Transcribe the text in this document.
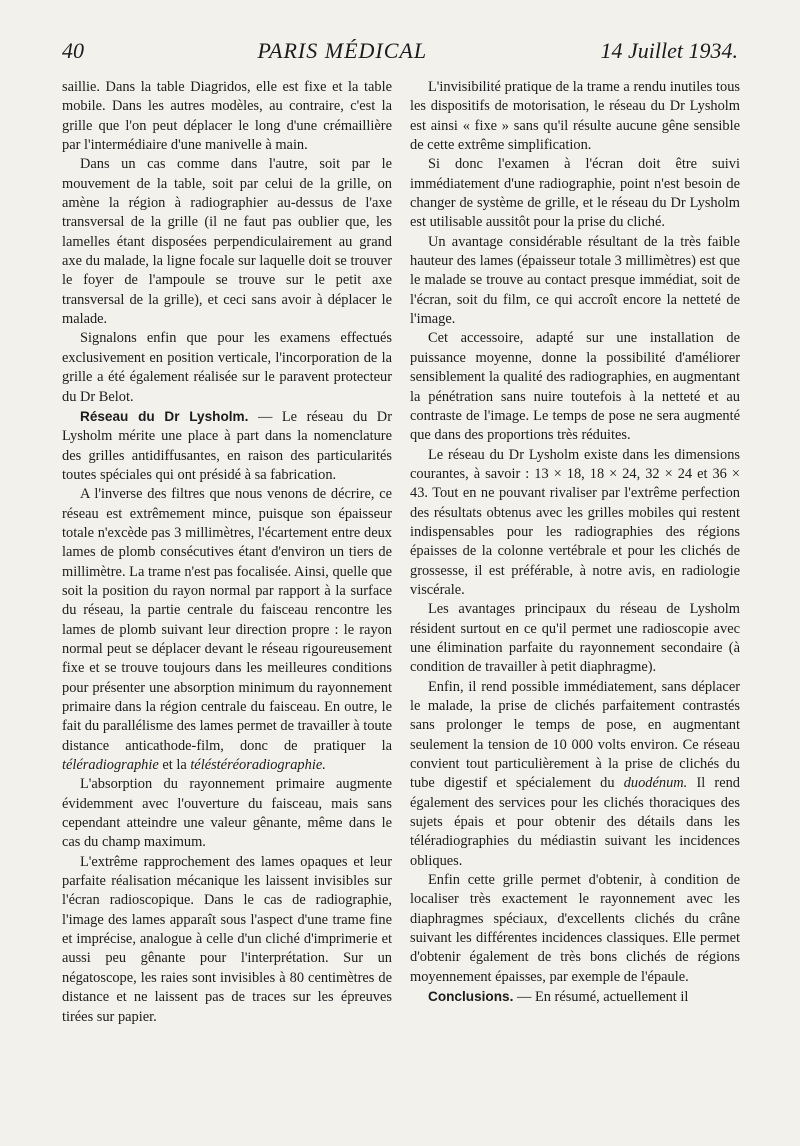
40	PARIS MÉDICAL	14 Juillet 1934.

saillie. Dans la table Diagridos, elle est fixe et la table mobile. Dans les autres modèles, au contraire, c'est la grille que l'on peut déplacer le long d'une crémaillière par l'intermédiaire d'une manivelle à main.

Dans un cas comme dans l'autre, soit par le mouvement de la table, soit par celui de la grille, on amène la région à radiographier au-dessus de l'axe transversal de la grille (il ne faut pas oublier que, les lamelles étant disposées perpendiculairement au grand axe du malade, la ligne focale sur laquelle doit se trouver le foyer de l'ampoule se trouve sur le petit axe transversal de la grille), et ceci sans avoir à déplacer le malade.

Signalons enfin que pour les examens effectués exclusivement en position verticale, l'incorporation de la grille a été également réalisée sur le paravent protecteur du Dr Belot.

Réseau du Dr Lysholm. — Le réseau du Dr Lysholm mérite une place à part dans la nomenclature des grilles antidiffusantes, en raison des particularités toutes spéciales qui ont présidé à sa fabrication.

A l'inverse des filtres que nous venons de décrire, ce réseau est extrêmement mince, puisque son épaisseur totale n'excède pas 3 millimètres, l'écartement entre deux lames de plomb consécutives étant d'environ un tiers de millimètre. La trame n'est pas focalisée. Ainsi, quelle que soit la position du rayon normal par rapport à la surface du réseau, la partie centrale du faisceau rencontre les lames de plomb suivant leur direction propre : le rayon normal peut se déplacer devant le réseau rigoureusement fixe et se trouve toujours dans les meilleures conditions pour présenter une absorption minimum du rayonnement primaire dans la région centrale du faisceau. En outre, le fait du parallélisme des lames permet de travailler à toute distance anticathode-film, donc de pratiquer la téléradiographie et la téléstéréoradiographie.

L'absorption du rayonnement primaire augmente évidemment avec l'ouverture du faisceau, mais sans cependant atteindre une valeur gênante, même dans le cas du champ maximum.

L'extrême rapprochement des lames opaques et leur parfaite réalisation mécanique les laissent invisibles sur l'écran radioscopique. Dans le cas de radiographie, l'image des lames apparaît sous l'aspect d'une trame fine et imprécise, analogue à celle d'un cliché d'imprimerie et aussi peu gênante pour l'interprétation. Sur un négatoscope, les raies sont invisibles à 80 centimètres de distance et ne laissent pas de traces sur les épreuves tirées sur papier.

L'invisibilité pratique de la trame a rendu inutiles tous les dispositifs de motorisation, le réseau du Dr Lysholm est ainsi « fixe » sans qu'il résulte aucune gêne sensible de cette extrême simplification.

Si donc l'examen à l'écran doit être suivi immédiatement d'une radiographie, point n'est besoin de changer de système de grille, et le réseau du Dr Lysholm est utilisable aussitôt pour la prise du cliché.

Un avantage considérable résultant de la très faible hauteur des lames (épaisseur totale 3 millimètres) est que le malade se trouve au contact presque immédiat, soit de l'écran, soit du film, ce qui accroît encore la netteté de l'image.

Cet accessoire, adapté sur une installation de puissance moyenne, donne la possibilité d'améliorer sensiblement la qualité des radiographies, en augmentant la pénétration sans nuire toutefois à la netteté et au contraste de l'image. Le temps de pose ne sera augmenté que dans des proportions très réduites.

Le réseau du Dr Lysholm existe dans les dimensions courantes, à savoir : 13 × 18, 18 × 24, 32 × 24 et 36 × 43. Tout en ne pouvant rivaliser par l'extrême perfection des résultats obtenus avec les grilles mobiles qui restent indispensables pour les radiographies des régions épaisses de la colonne vertébrale et pour les clichés de grossesse, il est préférable, à notre avis, en radiologie viscérale.

Les avantages principaux du réseau de Lysholm résident surtout en ce qu'il permet une radioscopie avec une élimination parfaite du rayonnement secondaire (à condition de travailler à petit diaphragme).

Enfin, il rend possible immédiatement, sans déplacer le malade, la prise de clichés parfaitement contrastés sans prolonger le temps de pose, en augmentant seulement la tension de 10 000 volts environ. Ce réseau convient tout particulièrement à la prise de clichés du tube digestif et spécialement du duodénum. Il rend également des services pour les clichés thoraciques des sujets épais et pour obtenir des détails dans les téléradiographies du médiastin suivant les incidences obliques.

Enfin cette grille permet d'obtenir, à condition de localiser très exactement le rayonnement avec les diaphragmes spéciaux, d'excellents clichés du crâne suivant les différentes incidences classiques. Elle permet d'obtenir également de très bons clichés de régions moyennement épaisses, par exemple de l'épaule.

Conclusions. — En résumé, actuellement il
